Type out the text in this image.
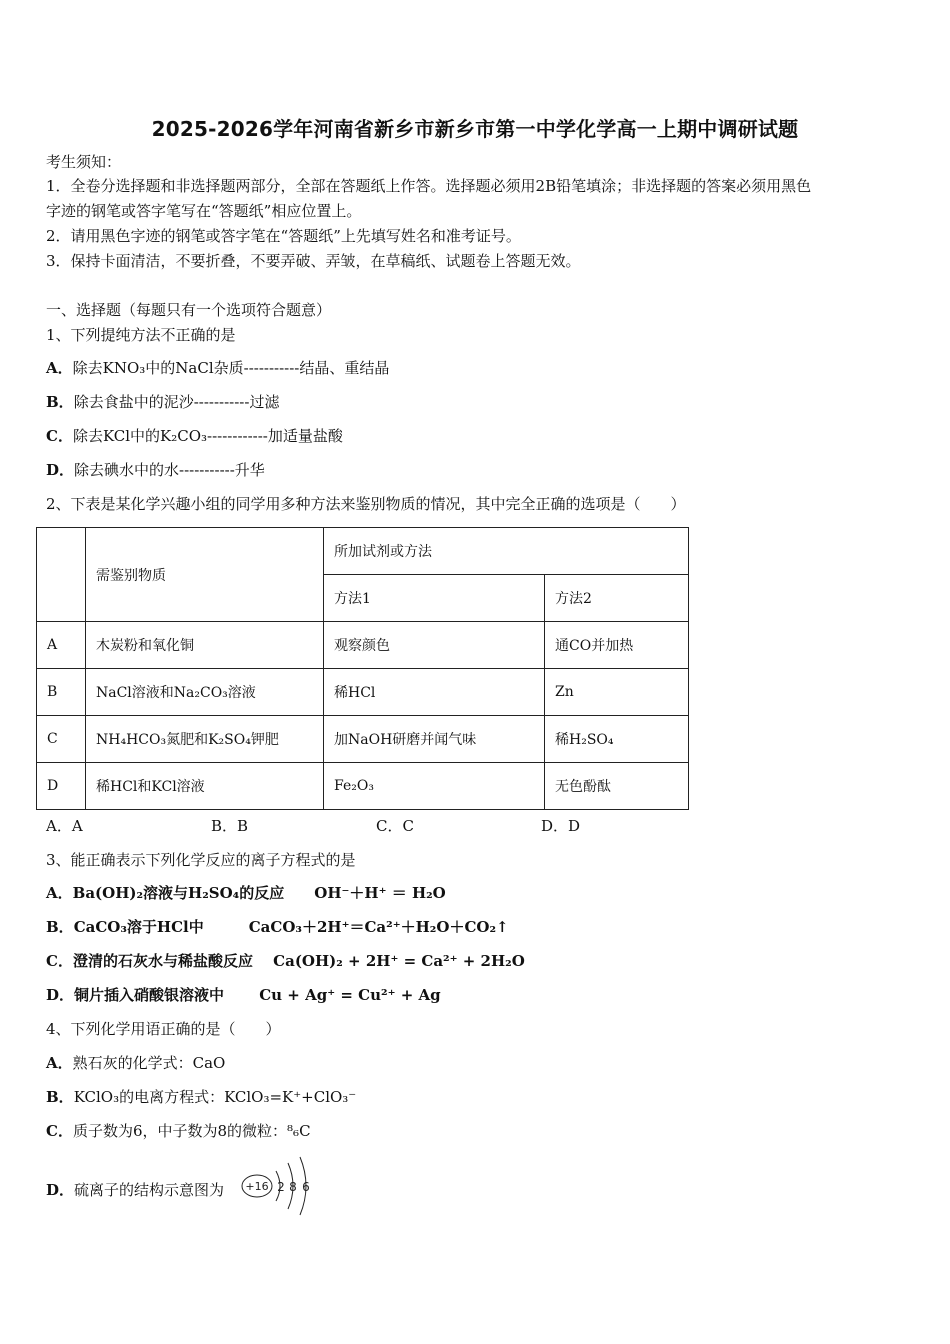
2025-2026学年河南省新乡市新乡市第一中学化学高一上期中调研试题
考生须知：
1．全卷分选择题和非选择题两部分，全部在答题纸上作答。选择题必须用2B铅笔填涂；非选择题的答案必须用黑色
字迹的钢笔或答字笔写在“答题纸”相应位置上。
2．请用黑色字迹的钢笔或答字笔在“答题纸”上先填写姓名和准考证号。
3．保持卡面清洁，不要折叠，不要弄破、弄皱，在草稿纸、试题卷上答题无效。
一、选择题（每题只有一个选项符合题意）
1、下列提纯方法不正确的是
A．除去KNO₃中的NaCl杂质-----------结晶、重结晶
B．除去食盐中的泥沙-----------过滤
C．除去KCl中的K₂CO₃------------加适量盐酸
D．除去碘水中的水-----------升华
2、下表是某化学兴趣小组的同学用多种方法来鉴别物质的情况，其中完全正确的选项是（　　）
	需鉴别物质	所加试剂或方法	
		方法1	方法2
A	木炭粉和氧化铜	观察颜色	通CO并加热
B	NaCl溶液和Na₂CO₃溶液	稀HCl	Zn
C	NH₄HCO₃氮肥和K₂SO₄钾肥	加NaOH研磨并闻气味	稀H₂SO₄
D	稀HCl和KCl溶液	Fe₂O₃	无色酚酞
A．A	B．B	C．C	D．D
3、能正确表示下列化学反应的离子方程式的是
A．Ba(OH)₂溶液与H₂SO₄的反应　　OH⁻＋H⁺ ＝ H₂O
B．CaCO₃溶于HCl中　　　CaCO₃＋2H⁺＝Ca²⁺＋H₂O＋CO₂↑
C．澄清的石灰水与稀盐酸反应　 Ca(OH)₂ + 2H⁺ = Ca²⁺ + 2H₂O
D．铜片插入硝酸银溶液中　　 Cu + Ag⁺ = Cu²⁺ + Ag
4、下列化学用语正确的是（　　）
A．熟石灰的化学式：CaO
B．KClO₃的电离方程式：KClO₃=K⁺+ClO₃⁻
C．质子数为6，中子数为8的微粒：⁸₆C
D．硫离子的结构示意图为 +16 2 8 6
